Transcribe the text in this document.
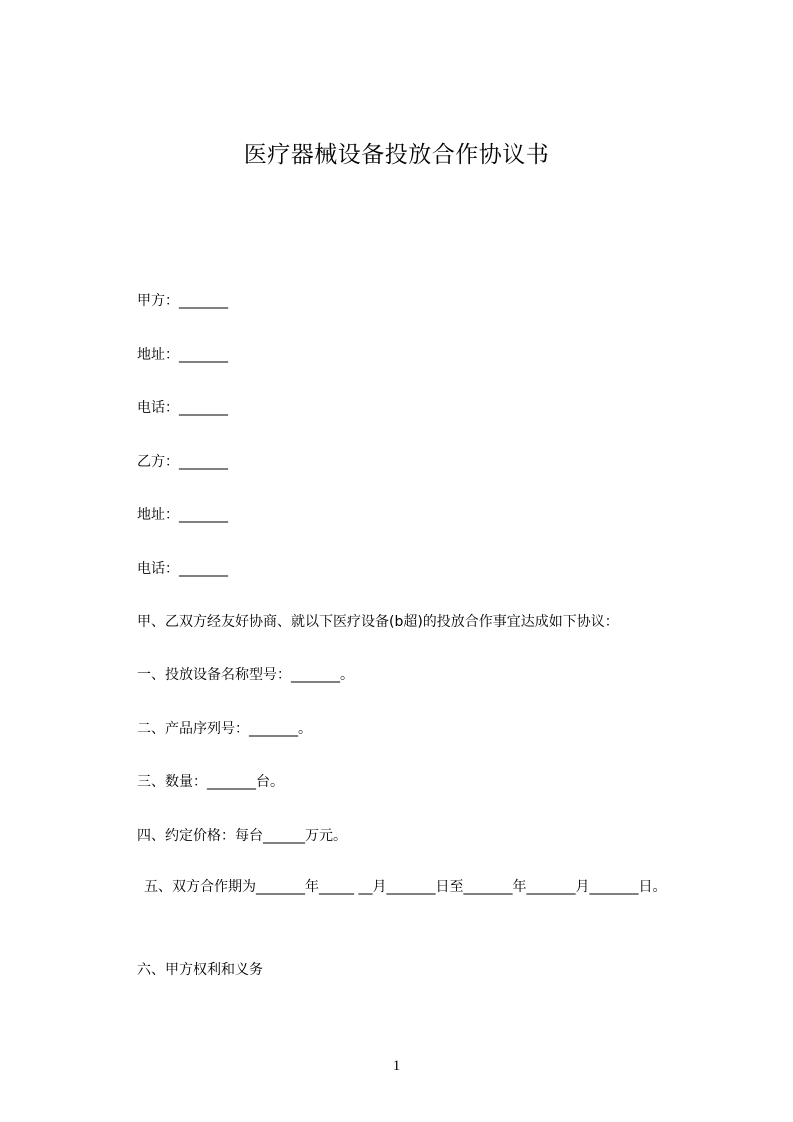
医疗器械设备投放合作协议书
甲方：_______
地址：_______
电话：_______
乙方：_______
地址：_______
电话：_______
甲、乙双方经友好协商、就以下医疗设备(b超)的投放合作事宜达成如下协议：
一、投放设备名称型号：_______。
二、产品序列号：_______。
三、数量：_______台。
四、约定价格：每台______万元。
五、双方合作期为_______年_____ __月_______日至_______年_______月_______日。
六、甲方权利和义务
1
